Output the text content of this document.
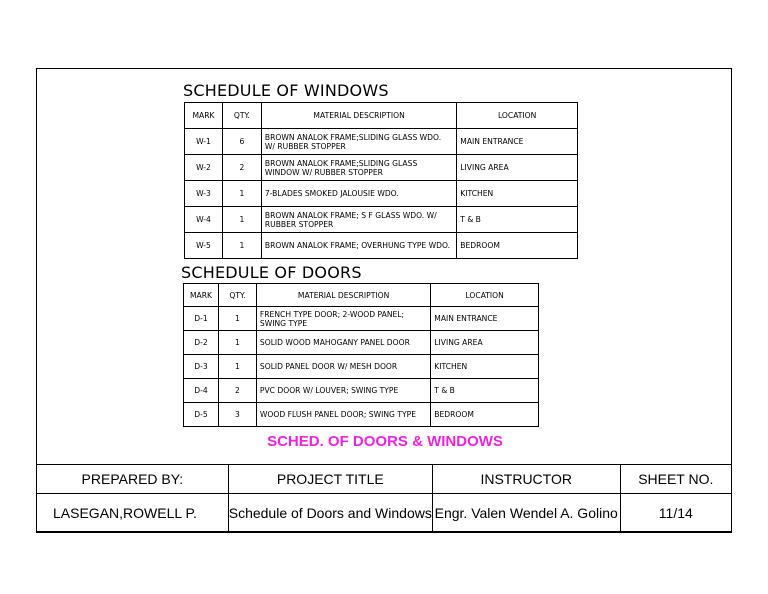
SCHEDULE OF WINDOWS
MARK	QTY.	MATERIAL DESCRIPTION	LOCATION
W-1	6	BROWN ANALOK FRAME;SLIDING GLASS WDO. W/ RUBBER STOPPER	MAIN ENTRANCE
W-2	2	BROWN ANALOK FRAME;SLIDING GLASS WINDOW W/ RUBBER STOPPER	LIVING AREA
W-3	1	7-BLADES SMOKED JALOUSIE WDO.	KITCHEN
W-4	1	BROWN ANALOK FRAME; S F GLASS WDO. W/ RUBBER STOPPER	T & B
W-5	1	BROWN ANALOK FRAME; OVERHUNG TYPE WDO.	BEDROOM
SCHEDULE OF DOORS
MARK	QTY.	MATERIAL DESCRIPTION	LOCATION
D-1	1	FRENCH TYPE DOOR; 2-WOOD PANEL; SWING TYPE	MAIN ENTRANCE
D-2	1	SOLID WOOD MAHOGANY PANEL DOOR	LIVING AREA
D-3	1	SOLID PANEL DOOR W/ MESH DOOR	KITCHEN
D-4	2	PVC DOOR W/ LOUVER; SWING TYPE	T & B
D-5	3	WOOD FLUSH PANEL DOOR; SWING TYPE	BEDROOM
SCHED. OF DOORS & WINDOWS
PREPARED BY:	PROJECT TITLE	INSTRUCTOR	SHEET NO.
LASEGAN,ROWELL P.	Schedule of Doors and Windows	Engr. Valen Wendel A. Golino	11/14
